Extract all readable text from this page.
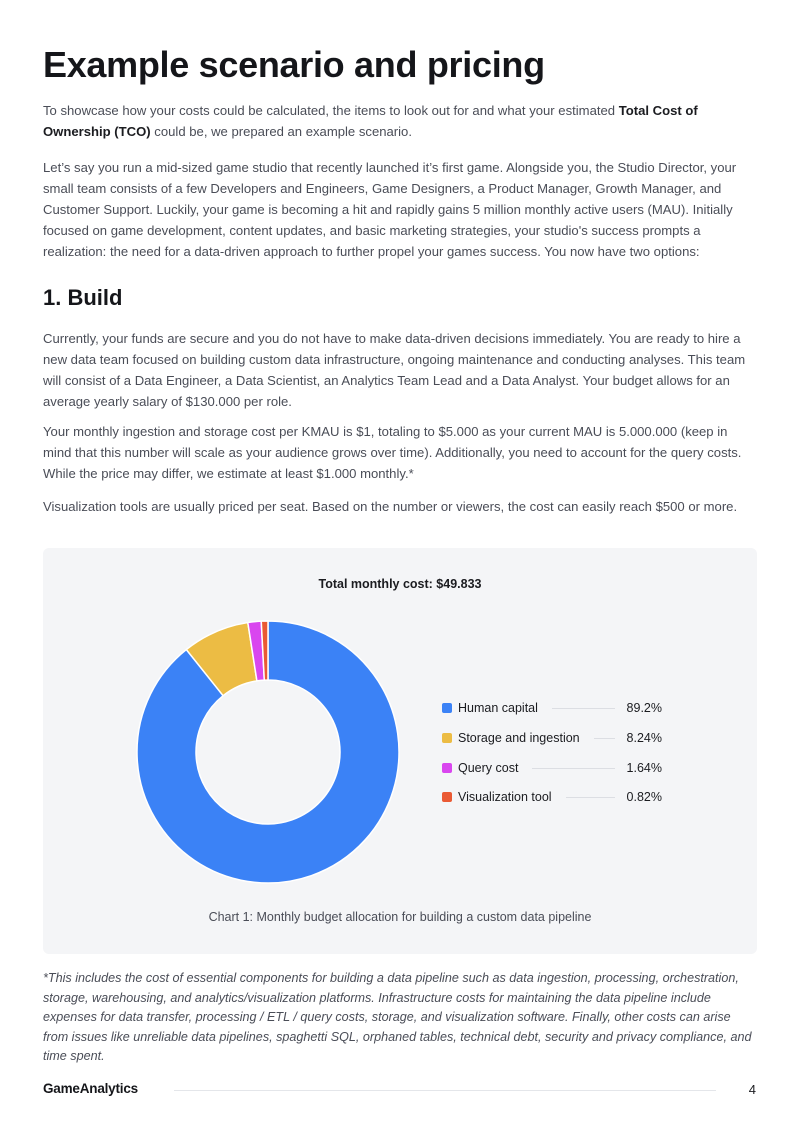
Example scenario and pricing

To showcase how your costs could be calculated, the items to look out for and what your estimated Total Cost of Ownership (TCO) could be, we prepared an example scenario.

Let’s say you run a mid-sized game studio that recently launched it’s first game. Alongside you, the Studio Director, your small team consists of a few Developers and Engineers, Game Designers, a Product Manager, Growth Manager, and Customer Support. Luckily, your game is becoming a hit and rapidly gains 5 million monthly active users (MAU). Initially focused on game development, content updates, and basic marketing strategies, your studio's success prompts a realization: the need for a data-driven approach to further propel your games success. You now have two options:

1. Build

Currently, your funds are secure and you do not have to make data-driven decisions immediately. You are ready to hire a new data team focused on building custom data infrastructure, ongoing maintenance and conducting analyses. This team will consist of a Data Engineer, a Data Scientist, an Analytics Team Lead and a Data Analyst. Your budget allows for an average yearly salary of $130.000 per role.

Your monthly ingestion and storage cost per KMAU is $1, totaling to $5.000 as your current MAU is 5.000.000 (keep in mind that this number will scale as your audience grows over time). Additionally, you need to account for the query costs. While the price may differ, we estimate at least $1.000 monthly.*

Visualization tools are usually priced per seat. Based on the number or viewers, the cost can easily reach $500 or more.

Total monthly cost: $49.833
Human capital	89.2%
Storage and ingestion	8.24%
Query cost	1.64%
Visualization tool	0.82%
Chart 1: Monthly budget allocation for building a custom data pipeline

*This includes the cost of essential components for building a data pipeline such as data ingestion, processing, orchestration, storage, warehousing, and analytics/visualization platforms. Infrastructure costs for maintaining the data pipeline include expenses for data transfer, processing / ETL / query costs, storage, and visualization software. Finally, other costs can arise from issues like unreliable data pipelines, spaghetti SQL, orphaned tables, technical debt, security and privacy compliance, and time spent.

GameAnalytics	4
